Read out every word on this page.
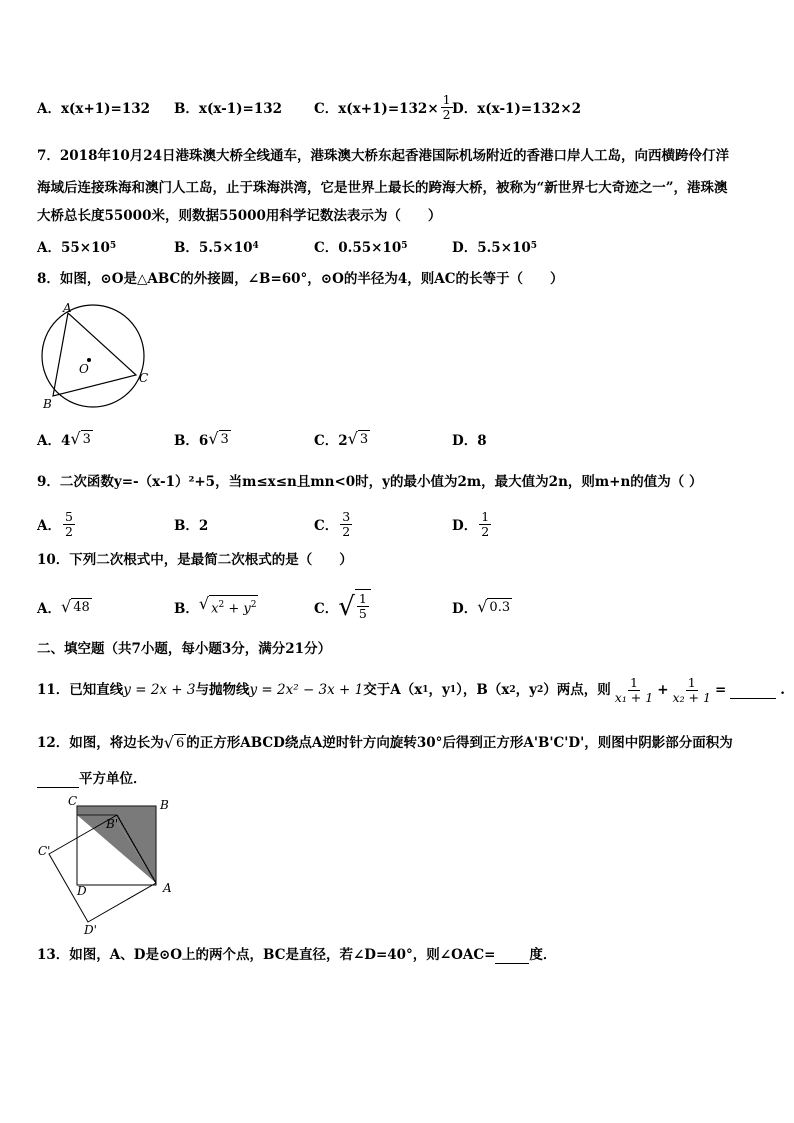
A．x(x+1)=132 B．x(x-1)=132 C．$x(x+1)=132\times \frac{1}{2}$ D．x(x-1)=132×2
7．2018年10月24日港珠澳大桥全线通车，港珠澳大桥东起香港国际机场附近的香港口岸人工岛，向西横跨伶仃洋
海域后连接珠海和澳门人工岛，止于珠海洪湾，它是世界上最长的跨海大桥，被称为“新世界七大奇迹之一”，港珠澳
大桥总长度55000米，则数据55000用科学记数法表示为（　　）
A．55×10 5	B．5.5×10 4	C．0.55×10 5	D．5.5×10 5
8．如图，⊙O是△ABC的外接圆，∠B=60°，⊙O的半径为4，则AC的长等于（　　）
A
B
C
O
A．4 √ 3	B．6 √ 3	C．2 √ 3	D．8
9．二次函数y=-（x-1）²+5，当m≤x≤n且mn<0时，y的最小值为2m，最大值为2n，则m+n的值为（ ）
A． $\frac{5}{2}$	B．2	C． $\frac{3}{2}$	D． $\frac{1}{2}$
10．下列二次根式中，是最简二次根式的是（　　）
A． √ 48	B． √ $x^2 + y^2$	C． √ $\frac{1}{5}$	D． √ 0.3
二、填空题（共7小题，每小题3分，满分21分）
11．已知直线 y = 2x + 3 与抛物线 y = 2x² − 3x + 1 交于A（x 1 ，y 1 ），B（x 2 ，y 2 ）两点，则 $\frac{1}{\text{x₁ + 1}} + \frac{1}{\text{x₂ + 1}}$ =	.
12．如图，将边长为 √ 6 的正方形ABCD绕点A逆时针方向旋转30°后得到正方形A'B'C'D'，则图中阴影部分面积为
平方单位．
C	B
B'
C'
D	A
D'
13．如图，A、D是⊙O上的两个点，BC是直径，若∠D=40°，则∠OAC=	度．
